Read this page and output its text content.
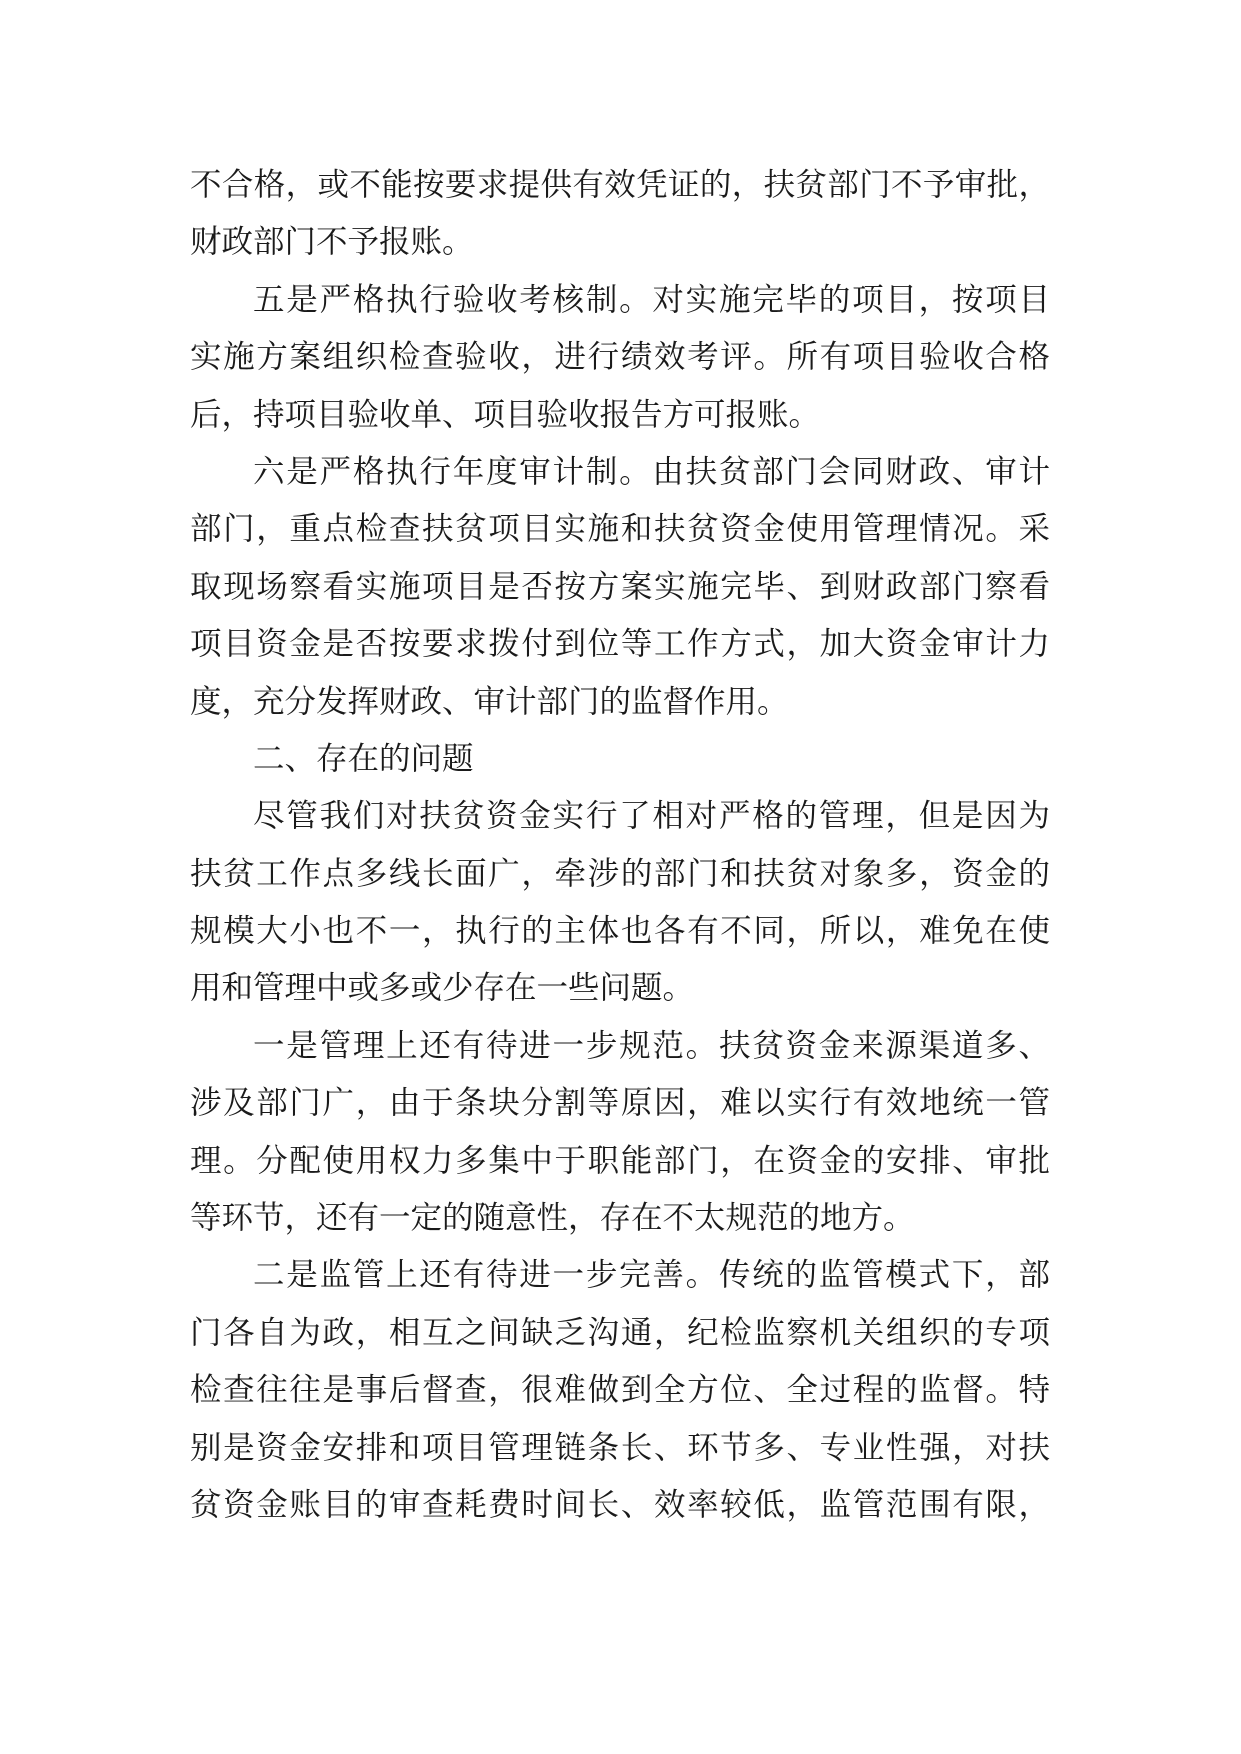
不合格，或不能按要求提供有效凭证的，扶贫部门不予审批，
财政部门不予报账。
五是严格执行验收考核制。对实施完毕的项目，按项目
实施方案组织检查验收，进行绩效考评。所有项目验收合格
后，持项目验收单、项目验收报告方可报账。
六是严格执行年度审计制。由扶贫部门会同财政、审计
部门，重点检查扶贫项目实施和扶贫资金使用管理情况。采
取现场察看实施项目是否按方案实施完毕、到财政部门察看
项目资金是否按要求拨付到位等工作方式，加大资金审计力
度，充分发挥财政、审计部门的监督作用。
二、存在的问题
尽管我们对扶贫资金实行了相对严格的管理，但是因为
扶贫工作点多线长面广，牵涉的部门和扶贫对象多，资金的
规模大小也不一，执行的主体也各有不同，所以，难免在使
用和管理中或多或少存在一些问题。
一是管理上还有待进一步规范。扶贫资金来源渠道多、
涉及部门广，由于条块分割等原因，难以实行有效地统一管
理。分配使用权力多集中于职能部门，在资金的安排、审批
等环节，还有一定的随意性，存在不太规范的地方。
二是监管上还有待进一步完善。传统的监管模式下，部
门各自为政，相互之间缺乏沟通，纪检监察机关组织的专项
检查往往是事后督查，很难做到全方位、全过程的监督。特
别是资金安排和项目管理链条长、环节多、专业性强，对扶
贫资金账目的审查耗费时间长、效率较低，监管范围有限，
